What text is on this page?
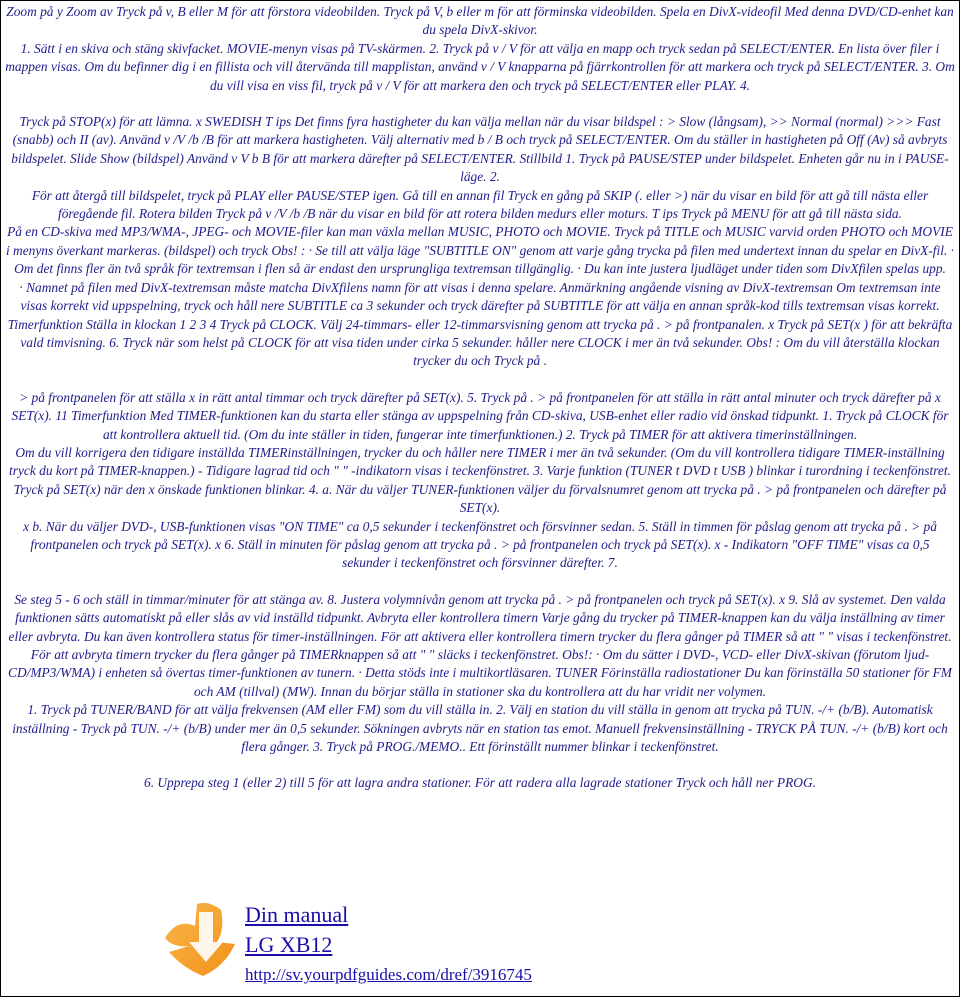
Zoom på y Zoom av Tryck på v, B eller M för att förstora videobilden. Tryck på V, b eller m för att förminska videobilden. Spela en DivX-videofil Med denna DVD/CD-enhet kan du spela DivX-skivor.

1. Sätt i en skiva och stäng skivfacket. MOVIE-menyn visas på TV-skärmen. 2. Tryck på v / V för att välja en mapp och tryck sedan på SELECT/ENTER. En lista över filer i mappen visas. Om du befinner dig i en fillista och vill återvända till mapplistan, använd v / V knapparna på fjärrkontrollen för att markera och tryck på SELECT/ENTER. 3. Om du vill visa en viss fil, tryck på v / V för att markera den och tryck på SELECT/ENTER eller PLAY. 4.

Tryck på STOP(x) för att lämna. x SWEDISH T ips Det finns fyra hastigheter du kan välja mellan när du visar bildspel : > Slow (långsam), >> Normal (normal) >>> Fast (snabb) och II (av). Använd v /V /b /B för att markera hastigheten. Välj alternativ med b / B och tryck på SELECT/ENTER. Om du ställer in hastigheten på Off (Av) så avbryts bildspelet. Slide Show (bildspel) Använd v V b B för att markera därefter på SELECT/ENTER. Stillbild 1. Tryck på PAUSE/STEP under bildspelet. Enheten går nu in i PAUSE-läge. 2.

För att återgå till bildspelet, tryck på PLAY eller PAUSE/STEP igen. Gå till en annan fil Tryck en gång på SKIP (. eller >) när du visar en bild för att gå till nästa eller föregående fil. Rotera bilden Tryck på v /V /b /B när du visar en bild för att rotera bilden medurs eller moturs. T ips Tryck på MENU för att gå till nästa sida.

På en CD-skiva med MP3/WMA-, JPEG- och MOVIE-filer kan man växla mellan MUSIC, PHOTO och MOVIE. Tryck på TITLE och MUSIC varvid orden PHOTO och MOVIE i menyns överkant markeras. (bildspel) och tryck Obs! : · Se till att välja läge "SUBTITLE ON" genom att varje gång trycka på filen med undertext innan du spelar en DivX-fil. · Om det finns fler än två språk för textremsan i flen så är endast den ursprungliga textremsan tillgänglig. · Du kan inte justera ljudläget under tiden som DivXfilen spelas upp.

· Namnet på filen med DivX-textremsan måste matcha DivXfilens namn för att visas i denna spelare. Anmärkning angående visning av DivX-textremsan Om textremsan inte visas korrekt vid uppspelning, tryck och håll nere SUBTITLE ca 3 sekunder och tryck därefter på SUBTITLE för att välja en annan språk-kod tills textremsan visas korrekt. Timerfunktion Ställa in klockan 1 2 3 4 Tryck på CLOCK. Välj 24-timmars- eller 12-timmarsvisning genom att trycka på . > på frontpanalen. x Tryck på SET(x ) för att bekräfta vald timvisning. 6. Tryck när som helst på CLOCK för att visa tiden under cirka 5 sekunder. håller nere CLOCK i mer än två sekunder. Obs! : Om du vill återställa klockan trycker du och Tryck på .

> på frontpanelen för att ställa x in rätt antal timmar och tryck därefter på SET(x). 5. Tryck på . > på frontpanelen för att ställa in rätt antal minuter och tryck därefter på x SET(x). 11 Timerfunktion Med TIMER-funktionen kan du starta eller stänga av uppspelning från CD-skiva, USB-enhet eller radio vid önskad tidpunkt. 1. Tryck på CLOCK för att kontrollera aktuell tid. (Om du inte ställer in tiden, fungerar inte timerfunktionen.) 2. Tryck på TIMER för att aktivera timerinställningen.

Om du vill korrigera den tidigare inställda TIMERinställningen, trycker du och håller nere TIMER i mer än två sekunder. (Om du vill kontrollera tidigare TIMER-inställning tryck du kort på TIMER-knappen.) - Tidigare lagrad tid och " " -indikatorn visas i teckenfönstret. 3. Varje funktion (TUNER t DVD t USB ) blinkar i turordning i teckenfönstret.

Tryck på SET(x) när den x önskade funktionen blinkar. 4. a. När du väljer TUNER-funktionen väljer du förvalsnumret genom att trycka på . > på frontpanelen och därefter på SET(x).

x b. När du väljer DVD-, USB-funktionen visas "ON TIME" ca 0,5 sekunder i teckenfönstret och försvinner sedan. 5. Ställ in timmen för påslag genom att trycka på . > på frontpanelen och tryck på SET(x). x 6. Ställ in minuten för påslag genom att trycka på . > på frontpanelen och tryck på SET(x). x - Indikatorn "OFF TIME" visas ca 0,5 sekunder i teckenfönstret och försvinner därefter. 7.

Se steg 5 - 6 och ställ in timmar/minuter för att stänga av. 8. Justera volymnivån genom att trycka på . > på frontpanelen och tryck på SET(x). x 9. Slå av systemet. Den valda funktionen sätts automatiskt på eller slås av vid inställd tidpunkt. Avbryta eller kontrollera timern Varje gång du trycker på TIMER-knappen kan du välja inställning av timer eller avbryta. Du kan även kontrollera status för timer-inställningen. För att aktivera eller kontrollera timern trycker du flera gånger på TIMER så att " " visas i teckenfönstret.

För att avbryta timern trycker du flera gånger på TIMERknappen så att " " släcks i teckenfönstret. Obs!: · Om du sätter i DVD-, VCD- eller DivX-skivan (förutom ljud-CD/MP3/WMA) i enheten så övertas timer-funktionen av tunern. · Detta stöds inte i multikortläsaren. TUNER Förinställa radiostationer Du kan förinställa 50 stationer för FM och AM (tillval) (MW). Innan du börjar ställa in stationer ska du kontrollera att du har vridit ner volymen.

1. Tryck på TUNER/BAND för att välja frekvensen (AM eller FM) som du vill ställa in. 2. Välj en station du vill ställa in genom att trycka på TUN. -/+ (b/B). Automatisk inställning - Tryck på TUN. -/+ (b/B) under mer än 0,5 sekunder. Sökningen avbryts när en station tas emot. Manuell frekvensinställning - TRYCK PÅ TUN. -/+ (b/B) kort och flera gånger. 3. Tryck på PROG./MEMO.. Ett förinställt nummer blinkar i teckenfönstret.

6. Upprepa steg 1 (eller 2) till 5 för att lagra andra stationer. För att radera alla lagrade stationer Tryck och håll ner PROG.

Din manual
LG XB12
http://sv.yourpdfguides.com/dref/3916745
